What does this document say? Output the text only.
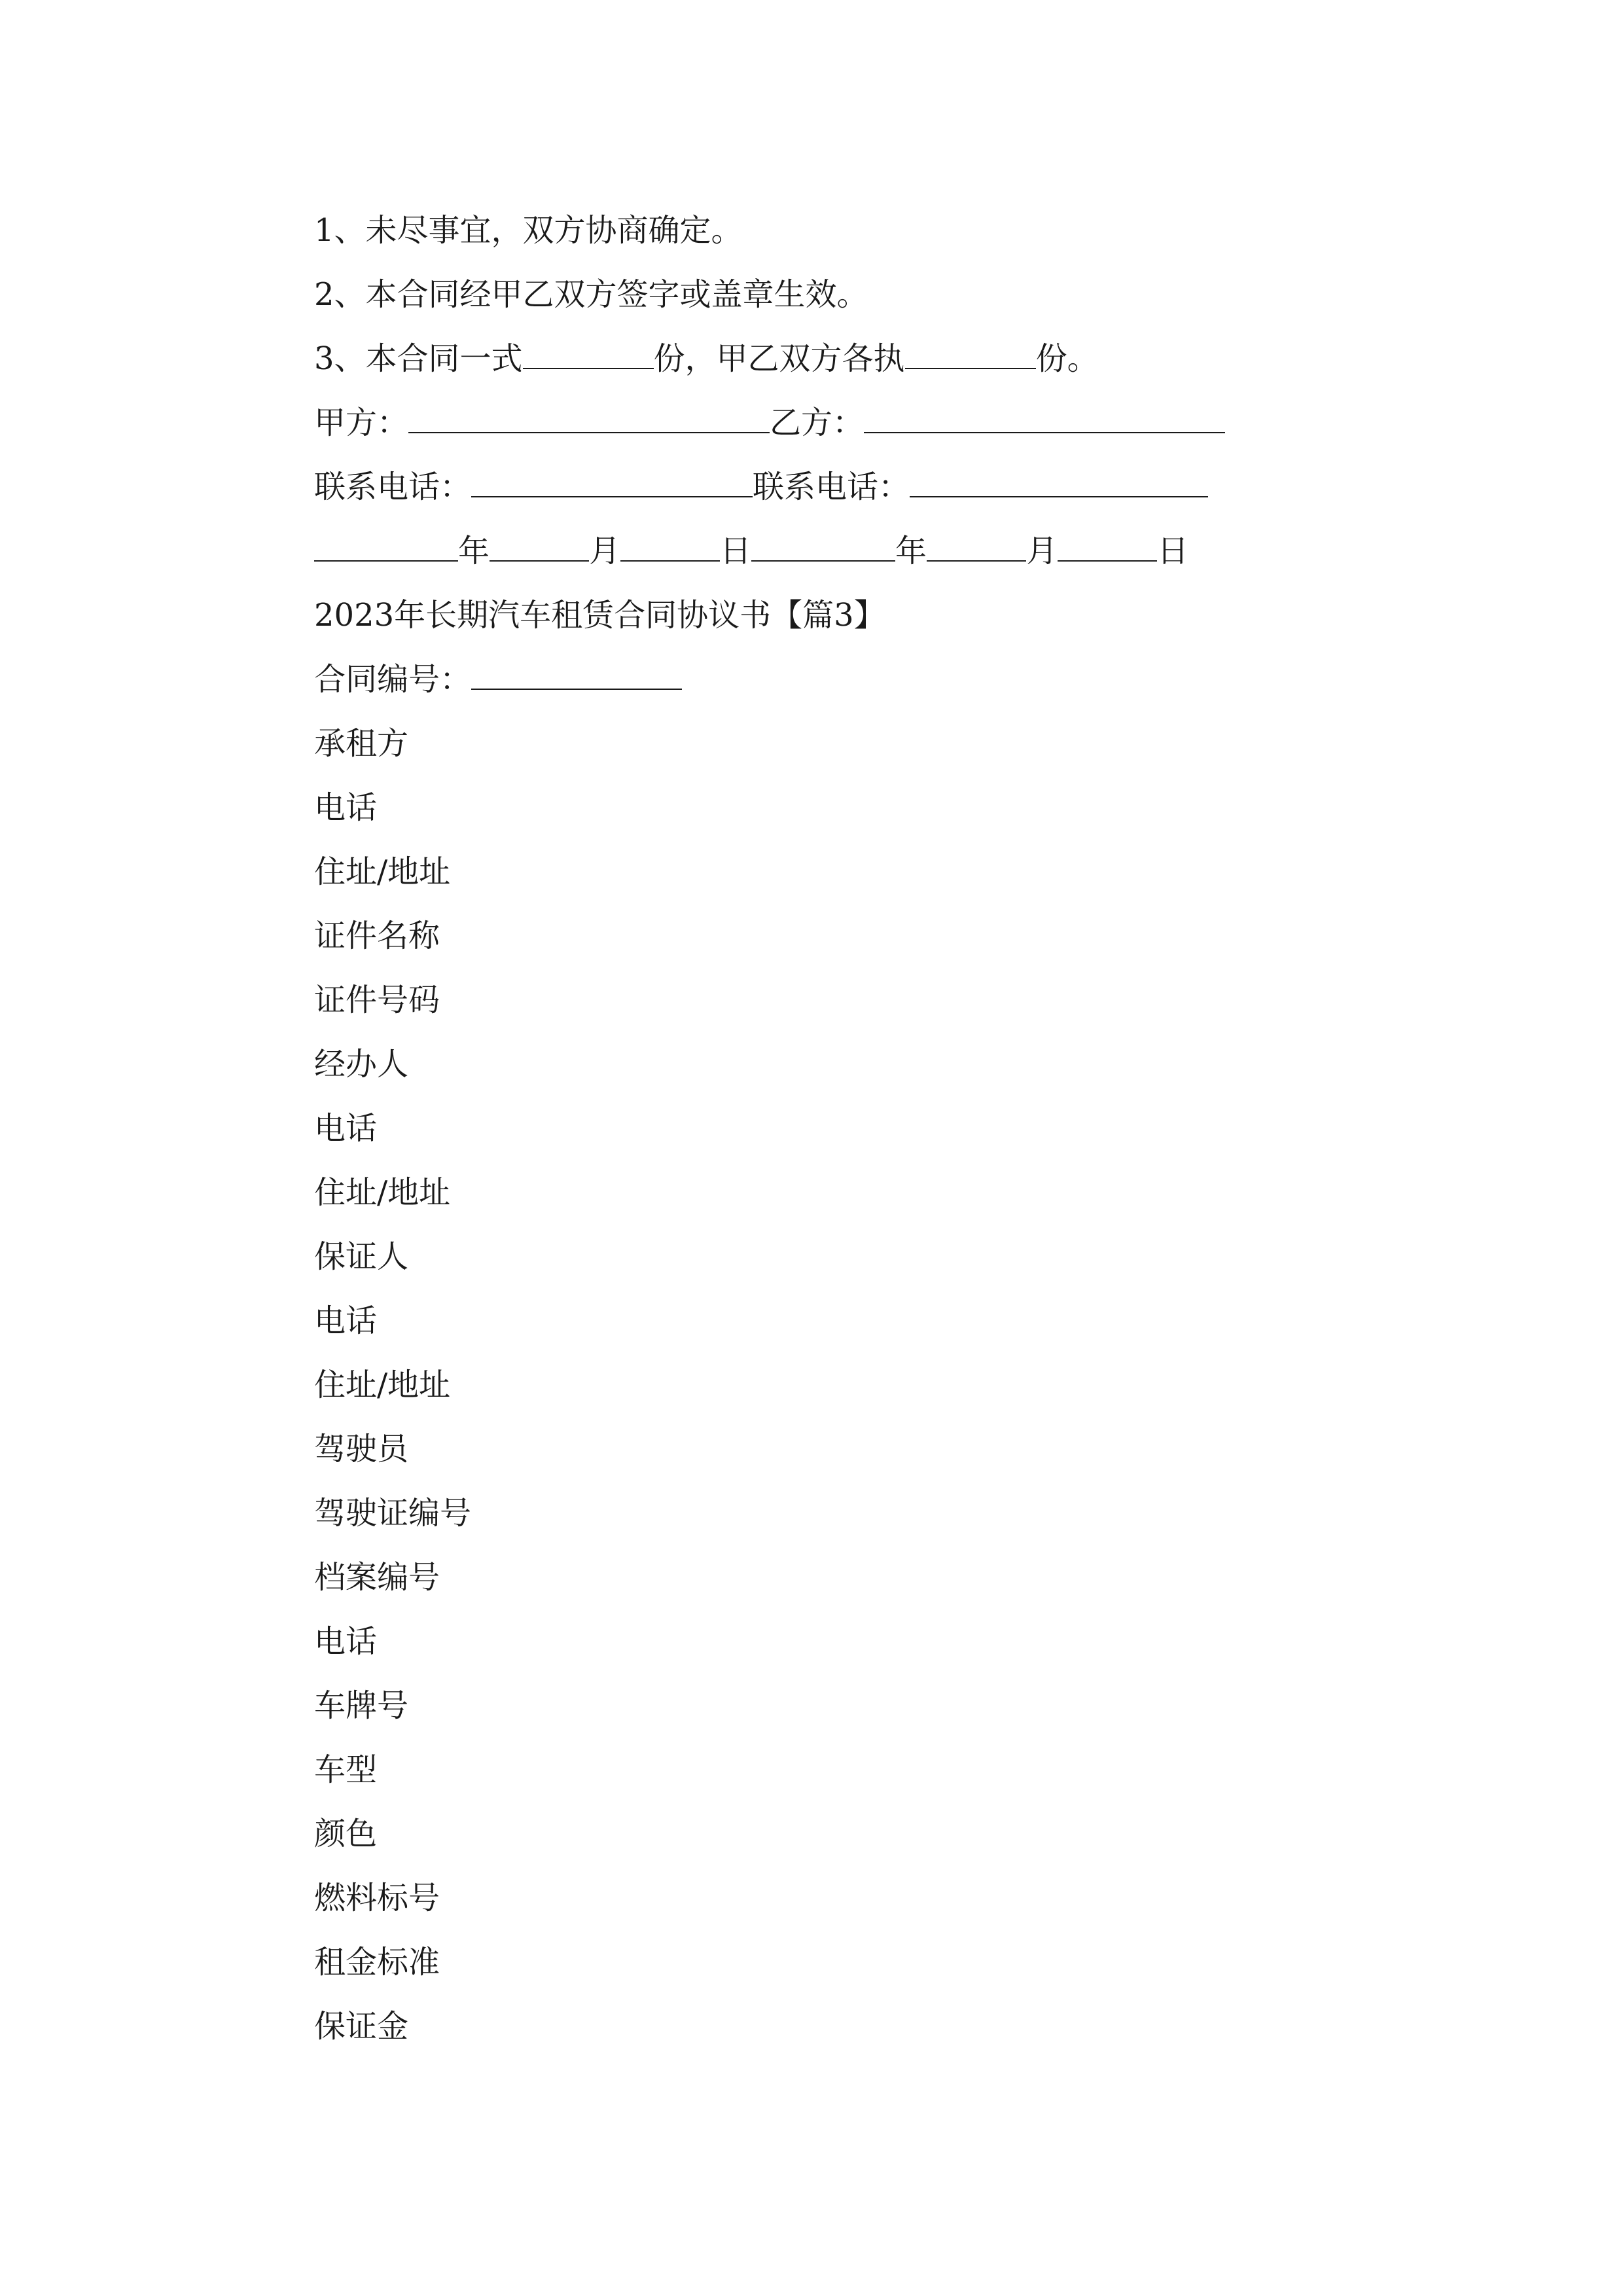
1、未尽事宜，双方协商确定。
2、本合同经甲乙双方签字或盖章生效。
3、本合同一式	份，甲乙双方各执	份。
甲方：	乙方：
联系电话：	联系电话：
年	月	日	年	月	日
2023年长期汽车租赁合同协议书【篇3】
合同编号：
承租方
电话
住址/地址
证件名称
证件号码
经办人
电话
住址/地址
保证人
电话
住址/地址
驾驶员
驾驶证编号
档案编号
电话
车牌号
车型
颜色
燃料标号
租金标准
保证金
